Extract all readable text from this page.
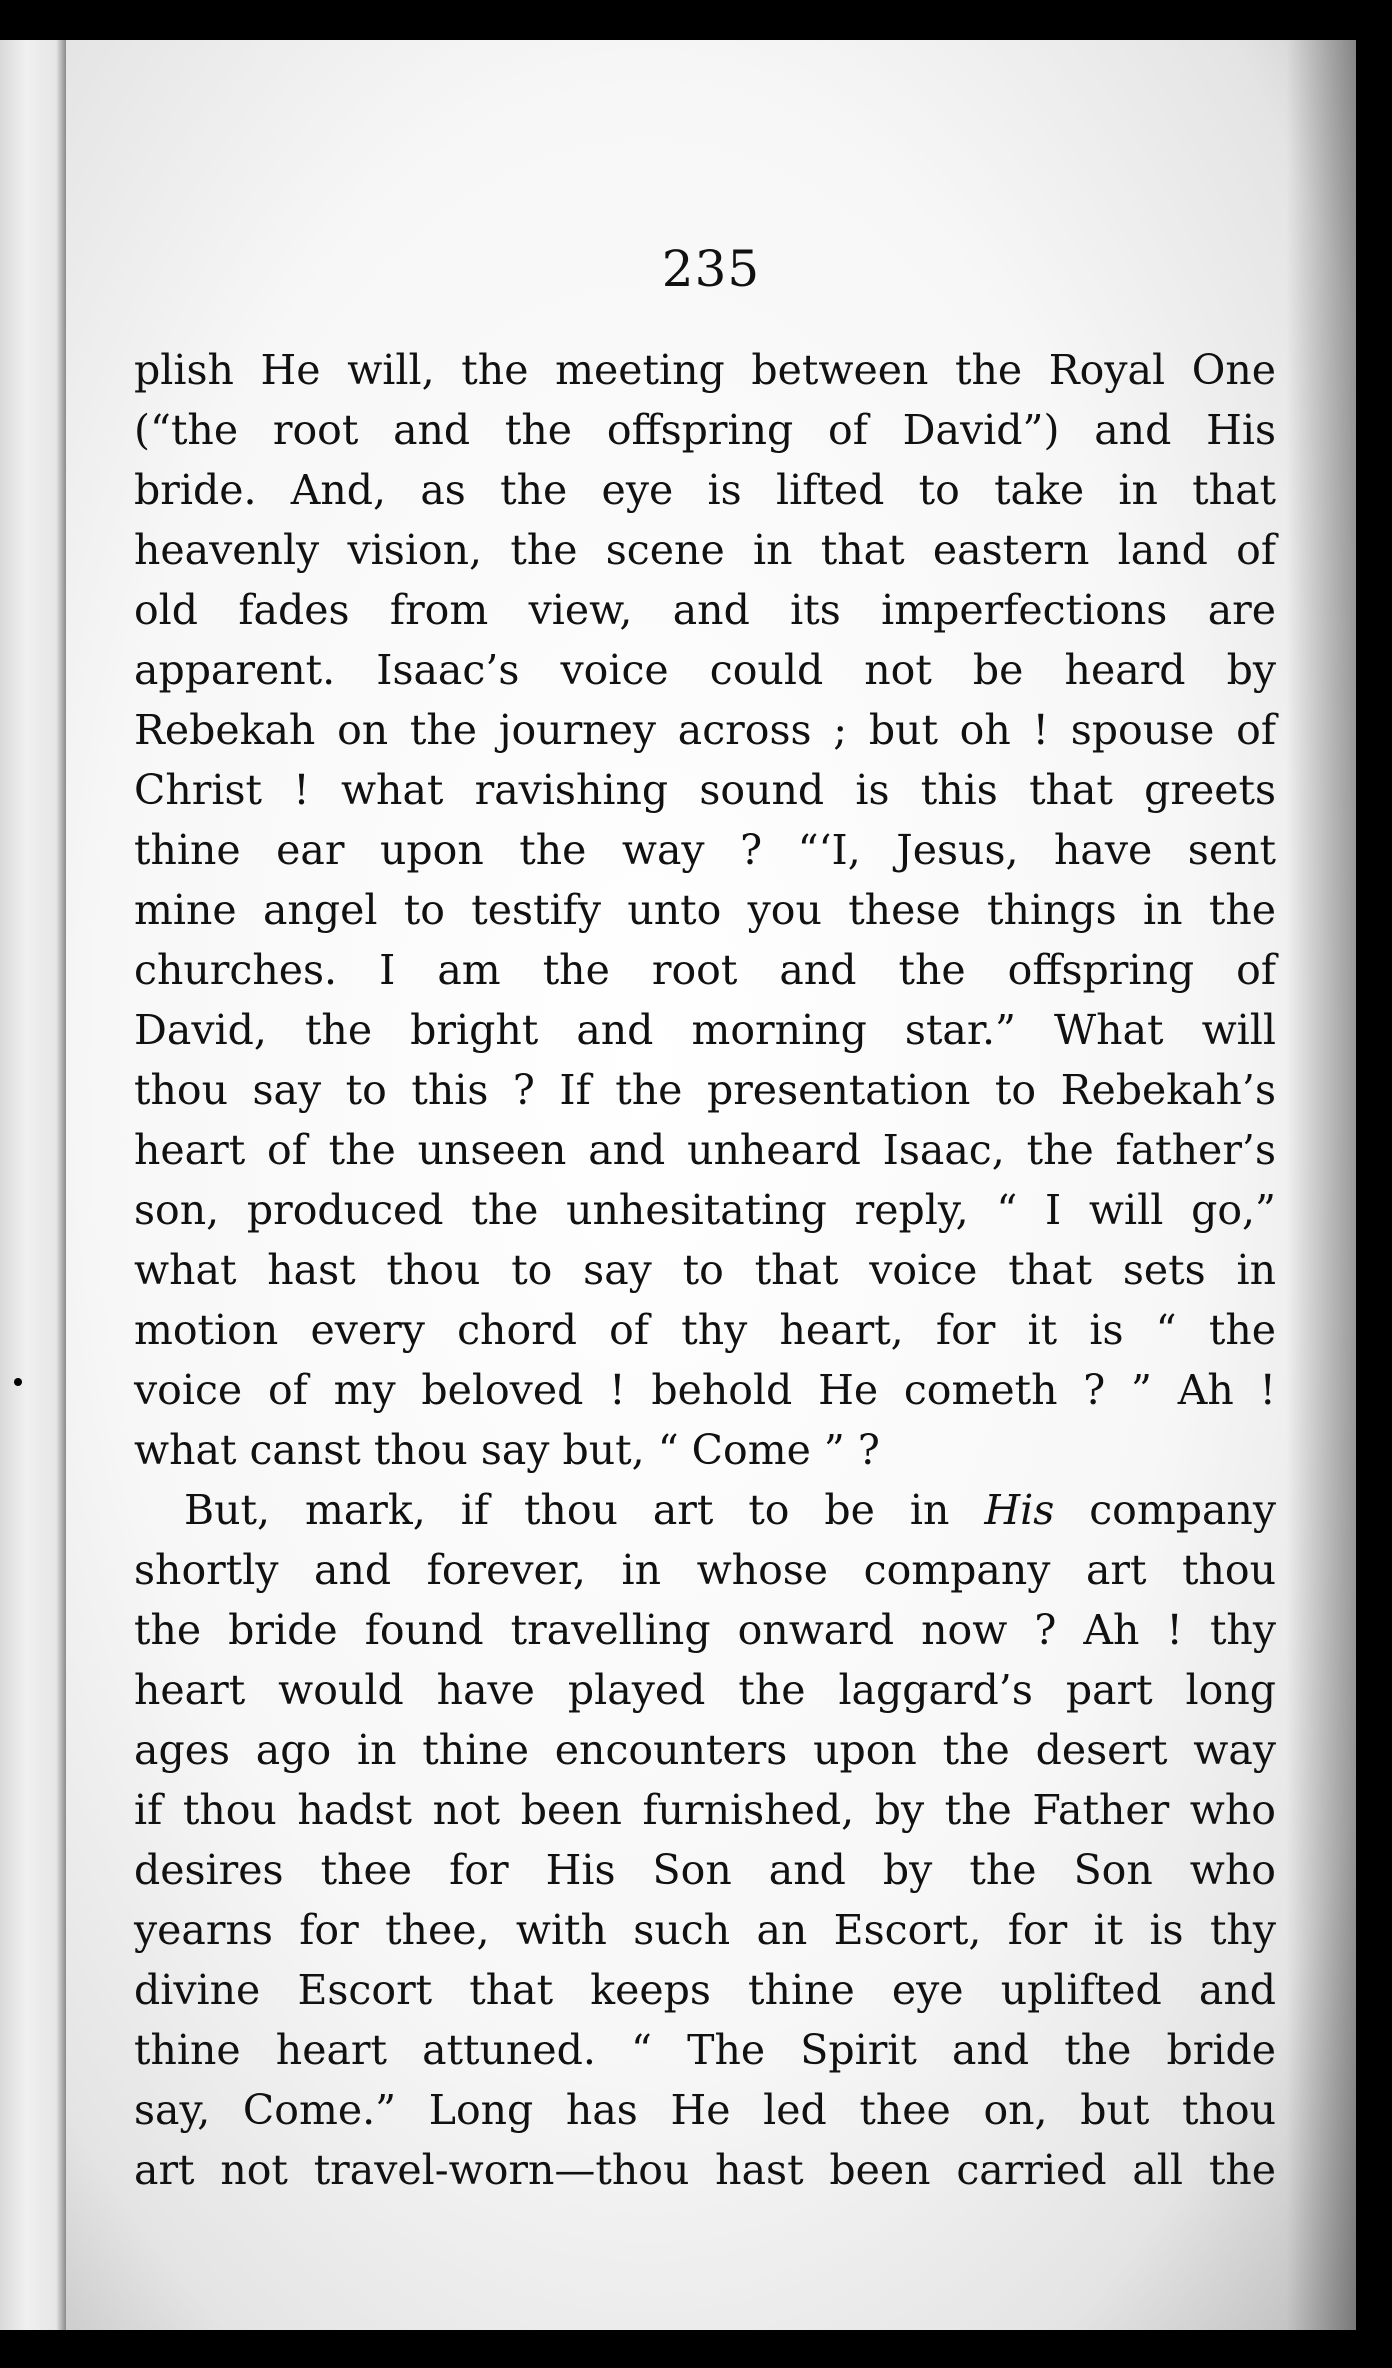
235
plish He will, the meeting between the Royal One
(“the root and the offspring of David”) and His
bride. And, as the eye is lifted to take in that
heavenly vision, the scene in that eastern land of
old fades from view, and its imperfections are
apparent. Isaac’s voice could not be heard by
Rebekah on the journey across ; but oh ! spouse of
Christ ! what ravishing sound is this that greets
thine ear upon the way ? “‘I, Jesus, have sent
mine angel to testify unto you these things in the
churches. I am the root and the offspring of
David, the bright and morning star.” What will
thou say to this ? If the presentation to Rebekah’s
heart of the unseen and unheard Isaac, the father’s
son, produced the unhesitating reply, “ I will go,”
what hast thou to say to that voice that sets in
motion every chord of thy heart, for it is “ the
voice of my beloved ! behold He cometh ? ” Ah !
what canst thou say but, “ Come ” ?
But, mark, if thou art to be in His company
shortly and forever, in whose company art thou
the bride found travelling onward now ? Ah ! thy
heart would have played the laggard’s part long
ages ago in thine encounters upon the desert way
if thou hadst not been furnished, by the Father who
desires thee for His Son and by the Son who
yearns for thee, with such an Escort, for it is thy
divine Escort that keeps thine eye uplifted and
thine heart attuned. “ The Spirit and the bride
say, Come.” Long has He led thee on, but thou
art not travel-worn—thou hast been carried all the
